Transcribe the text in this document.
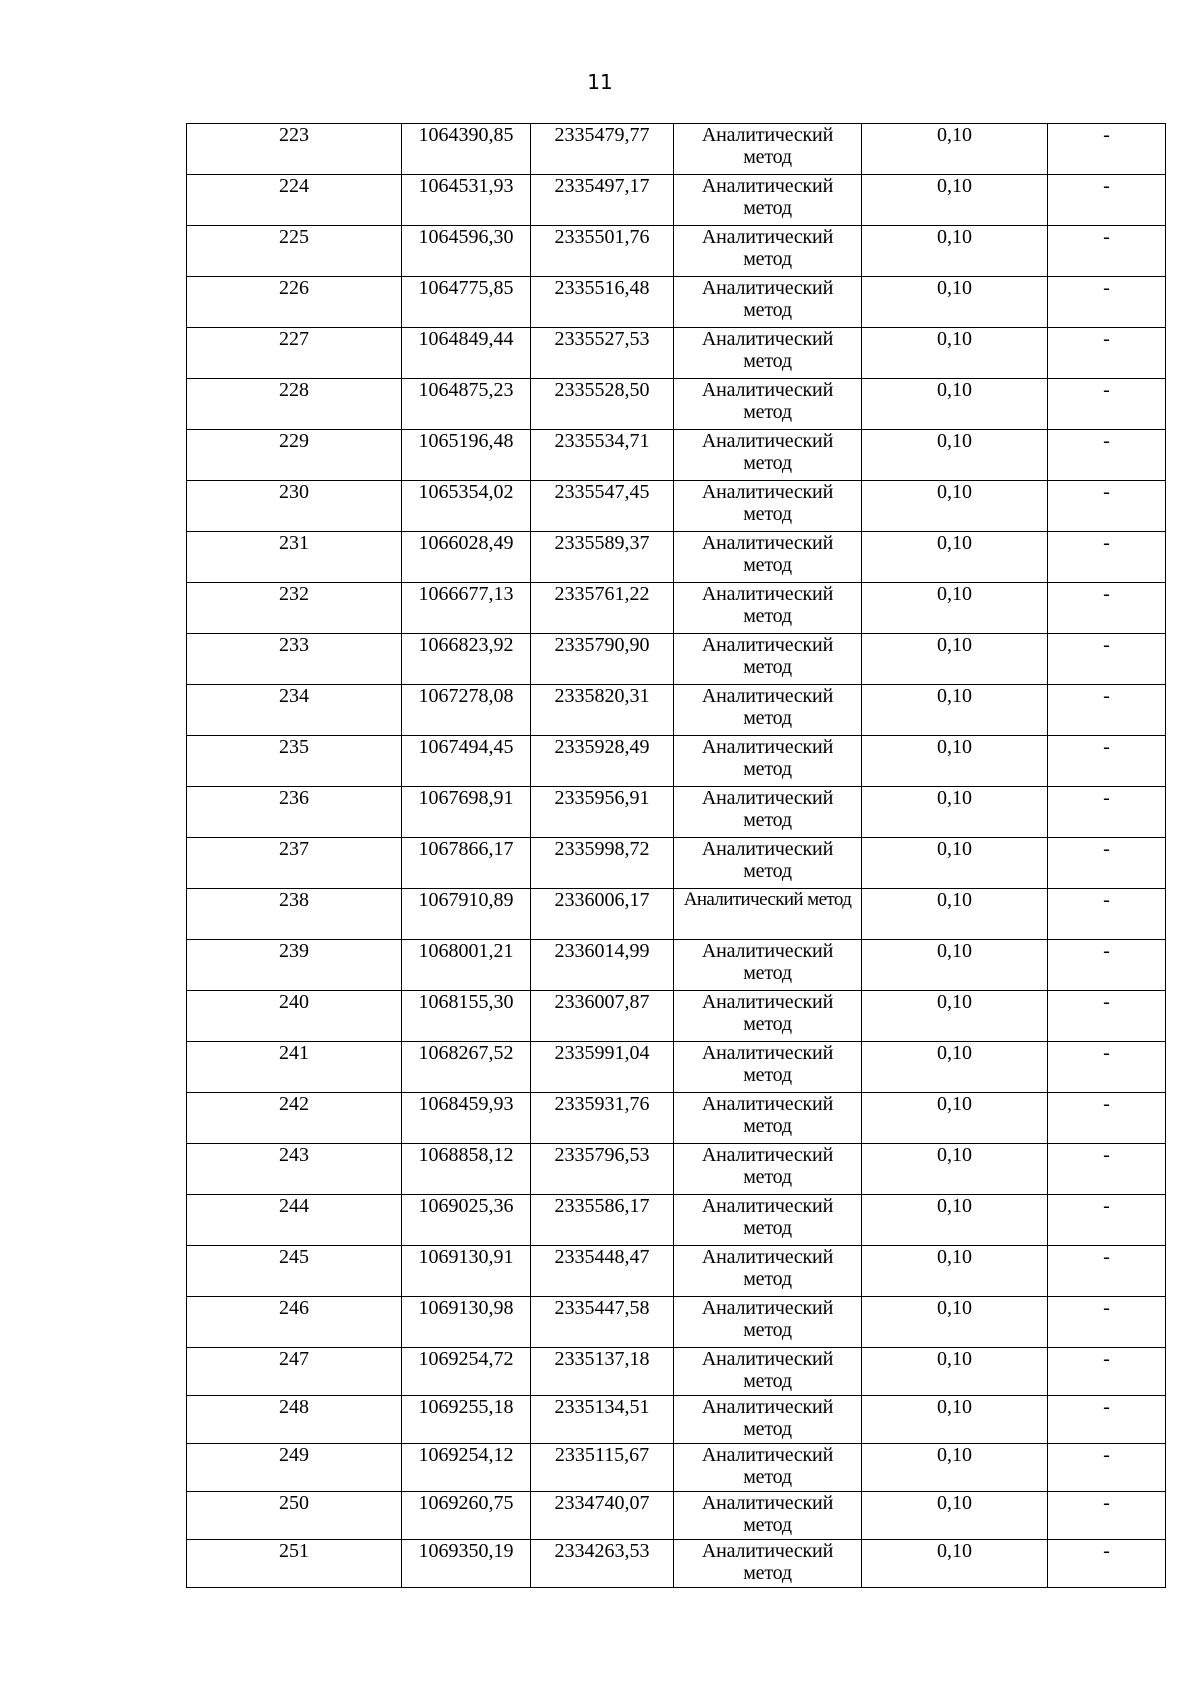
11
223	1064390,85	2335479,77	Аналитический
метод	0,10	-
224	1064531,93	2335497,17	Аналитический
метод	0,10	-
225	1064596,30	2335501,76	Аналитический
метод	0,10	-
226	1064775,85	2335516,48	Аналитический
метод	0,10	-
227	1064849,44	2335527,53	Аналитический
метод	0,10	-
228	1064875,23	2335528,50	Аналитический
метод	0,10	-
229	1065196,48	2335534,71	Аналитический
метод	0,10	-
230	1065354,02	2335547,45	Аналитический
метод	0,10	-
231	1066028,49	2335589,37	Аналитический
метод	0,10	-
232	1066677,13	2335761,22	Аналитический
метод	0,10	-
233	1066823,92	2335790,90	Аналитический
метод	0,10	-
234	1067278,08	2335820,31	Аналитический
метод	0,10	-
235	1067494,45	2335928,49	Аналитический
метод	0,10	-
236	1067698,91	2335956,91	Аналитический
метод	0,10	-
237	1067866,17	2335998,72	Аналитический
метод	0,10	-
238	1067910,89	2336006,17	Аналитический метод	0,10	-
239	1068001,21	2336014,99	Аналитический
метод	0,10	-
240	1068155,30	2336007,87	Аналитический
метод	0,10	-
241	1068267,52	2335991,04	Аналитический
метод	0,10	-
242	1068459,93	2335931,76	Аналитический
метод	0,10	-
243	1068858,12	2335796,53	Аналитический
метод	0,10	-
244	1069025,36	2335586,17	Аналитический
метод	0,10	-
245	1069130,91	2335448,47	Аналитический
метод	0,10	-
246	1069130,98	2335447,58	Аналитический
метод	0,10	-
247	1069254,72	2335137,18	Аналитический
метод	0,10	-
248	1069255,18	2335134,51	Аналитический
метод	0,10	-
249	1069254,12	2335115,67	Аналитический
метод	0,10	-
250	1069260,75	2334740,07	Аналитический
метод	0,10	-
251	1069350,19	2334263,53	Аналитический
метод	0,10	-
